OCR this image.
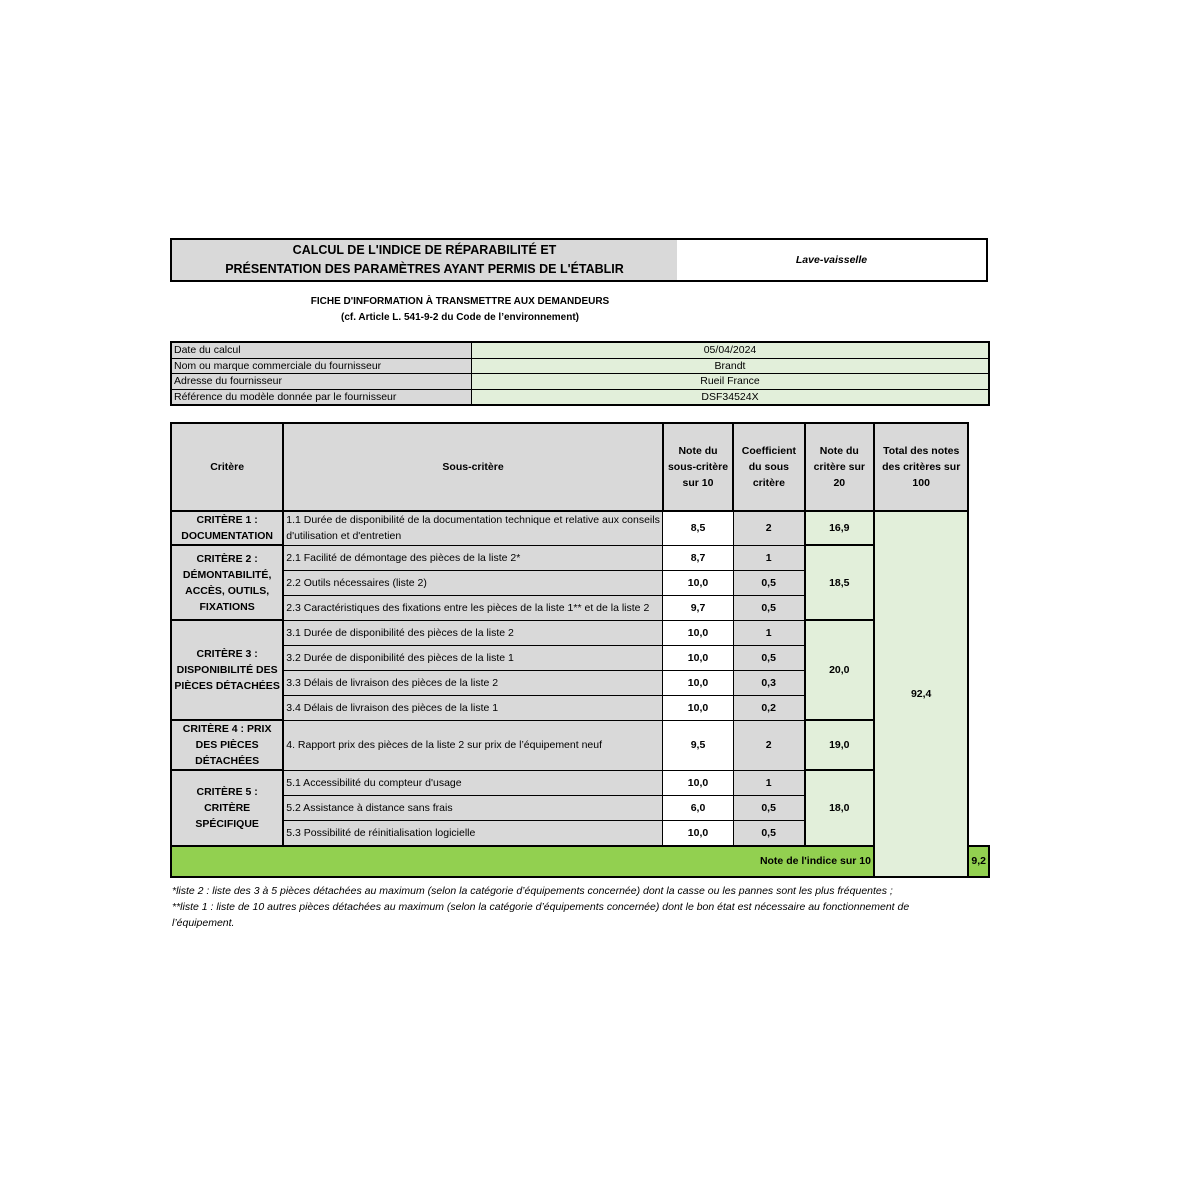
CALCUL DE L'INDICE DE RÉPARABILITÉ ET
PRÉSENTATION DES PARAMÈTRES AYANT PERMIS DE L'ÉTABLIR
Lave-vaisselle
FICHE D'INFORMATION À TRANSMETTRE AUX DEMANDEURS
(cf. Article L. 541-9-2 du Code de l’environnement)
Date du calcul	05/04/2024
Nom ou marque commerciale du fournisseur	Brandt
Adresse du fournisseur	Rueil France
Référence du modèle donnée par le fournisseur	DSF34524X
Critère	Sous-critère	Note du sous-critère sur 10	Coefficient du sous critère	Note du critère sur 20	Total des notes des critères sur 100	
CRITÈRE 1 : DOCUMENTATION	1.1 Durée de disponibilité de la documentation technique et relative aux conseils d'utilisation et d'entretien	8,5	2	16,9	92,4	
CRITÈRE 2 : DÉMONTABILITÉ, ACCÈS, OUTILS, FIXATIONS	2.1 Facilité de démontage des pièces de la liste 2*	8,7	1	18,5		
	2.2 Outils nécessaires (liste 2)	10,0	0,5			
	2.3 Caractéristiques des fixations entre les pièces de la liste 1** et de la liste 2	9,7	0,5			
CRITÈRE 3 : DISPONIBILITÉ DES PIÈCES DÉTACHÉES	3.1 Durée de disponibilité des pièces de la liste 2	10,0	1	20,0		
	3.2 Durée de disponibilité des pièces de la liste 1	10,0	0,5			
	3.3 Délais de livraison des pièces de la liste 2	10,0	0,3			
	3.4 Délais de livraison des pièces de la liste 1	10,0	0,2			
CRITÈRE 4 : PRIX DES PIÈCES DÉTACHÉES	4. Rapport prix des pièces de la liste 2 sur prix de l’équipement neuf	9,5	2	19,0		
CRITÈRE 5 : CRITÈRE SPÉCIFIQUE	5.1 Accessibilité du compteur d'usage	10,0	1	18,0		
	5.2 Assistance à distance sans frais	6,0	0,5			
	5.3 Possibilité de réinitialisation logicielle	10,0	0,5			
Note de l'indice sur 10						9,2
*liste 2 : liste des 3 à 5 pièces détachées au maximum (selon la catégorie d’équipements concernée) dont la casse ou les pannes sont les plus fréquentes ;
**liste 1 : liste de 10 autres pièces détachées au maximum (selon la catégorie d’équipements concernée) dont le bon état est nécessaire au fonctionnement de l’équipement.
